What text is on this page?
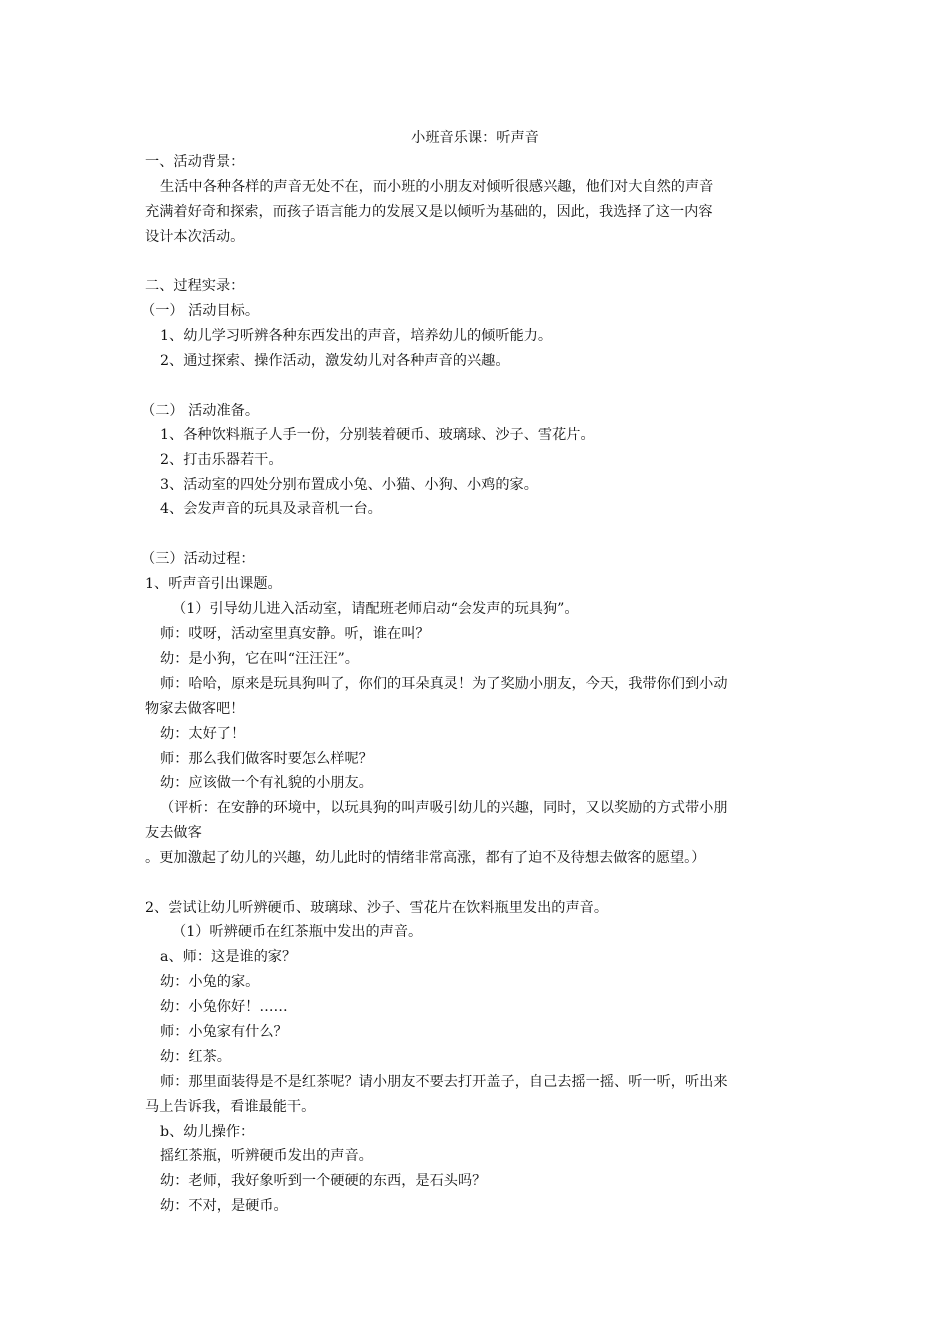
小班音乐课：听声音
一、活动背景：
生活中各种各样的声音无处不在，而小班的小朋友对倾听很感兴趣，他们对大自然的声音
充满着好奇和探索，而孩子语言能力的发展又是以倾听为基础的，因此，我选择了这一内容
设计本次活动。
二、过程实录：
（一） 活动目标。
1、幼儿学习听辨各种东西发出的声音，培养幼儿的倾听能力。
2、通过探索、操作活动，激发幼儿对各种声音的兴趣。
（二） 活动准备。
1、各种饮料瓶子人手一份，分别装着硬币、玻璃球、沙子、雪花片。
2、打击乐器若干。
3、活动室的四处分别布置成小兔、小猫、小狗、小鸡的家。
4、会发声音的玩具及录音机一台。
（三）活动过程：
1、听声音引出课题。
（1）引导幼儿进入活动室，请配班老师启动“会发声的玩具狗”。
师：哎呀，活动室里真安静。听，谁在叫？
幼：是小狗，它在叫“汪汪汪”。
师：哈哈，原来是玩具狗叫了，你们的耳朵真灵！为了奖励小朋友，今天，我带你们到小动
物家去做客吧！
幼：太好了！
师：那么我们做客时要怎么样呢？
幼：应该做一个有礼貌的小朋友。
（评析：在安静的环境中，以玩具狗的叫声吸引幼儿的兴趣，同时，又以奖励的方式带小朋
友去做客
。更加激起了幼儿的兴趣，幼儿此时的情绪非常高涨，都有了迫不及待想去做客的愿望。）
2、尝试让幼儿听辨硬币、玻璃球、沙子、雪花片在饮料瓶里发出的声音。
（1）听辨硬币在红茶瓶中发出的声音。
a、师：这是谁的家？
幼：小兔的家。
幼：小兔你好！……
师：小兔家有什么？
幼：红茶。
师：那里面装得是不是红茶呢？请小朋友不要去打开盖子，自己去摇一摇、听一听，听出来
马上告诉我，看谁最能干。
b、幼儿操作：
摇红茶瓶，听辨硬币发出的声音。
幼：老师，我好象听到一个硬硬的东西，是石头吗？
幼：不对，是硬币。
